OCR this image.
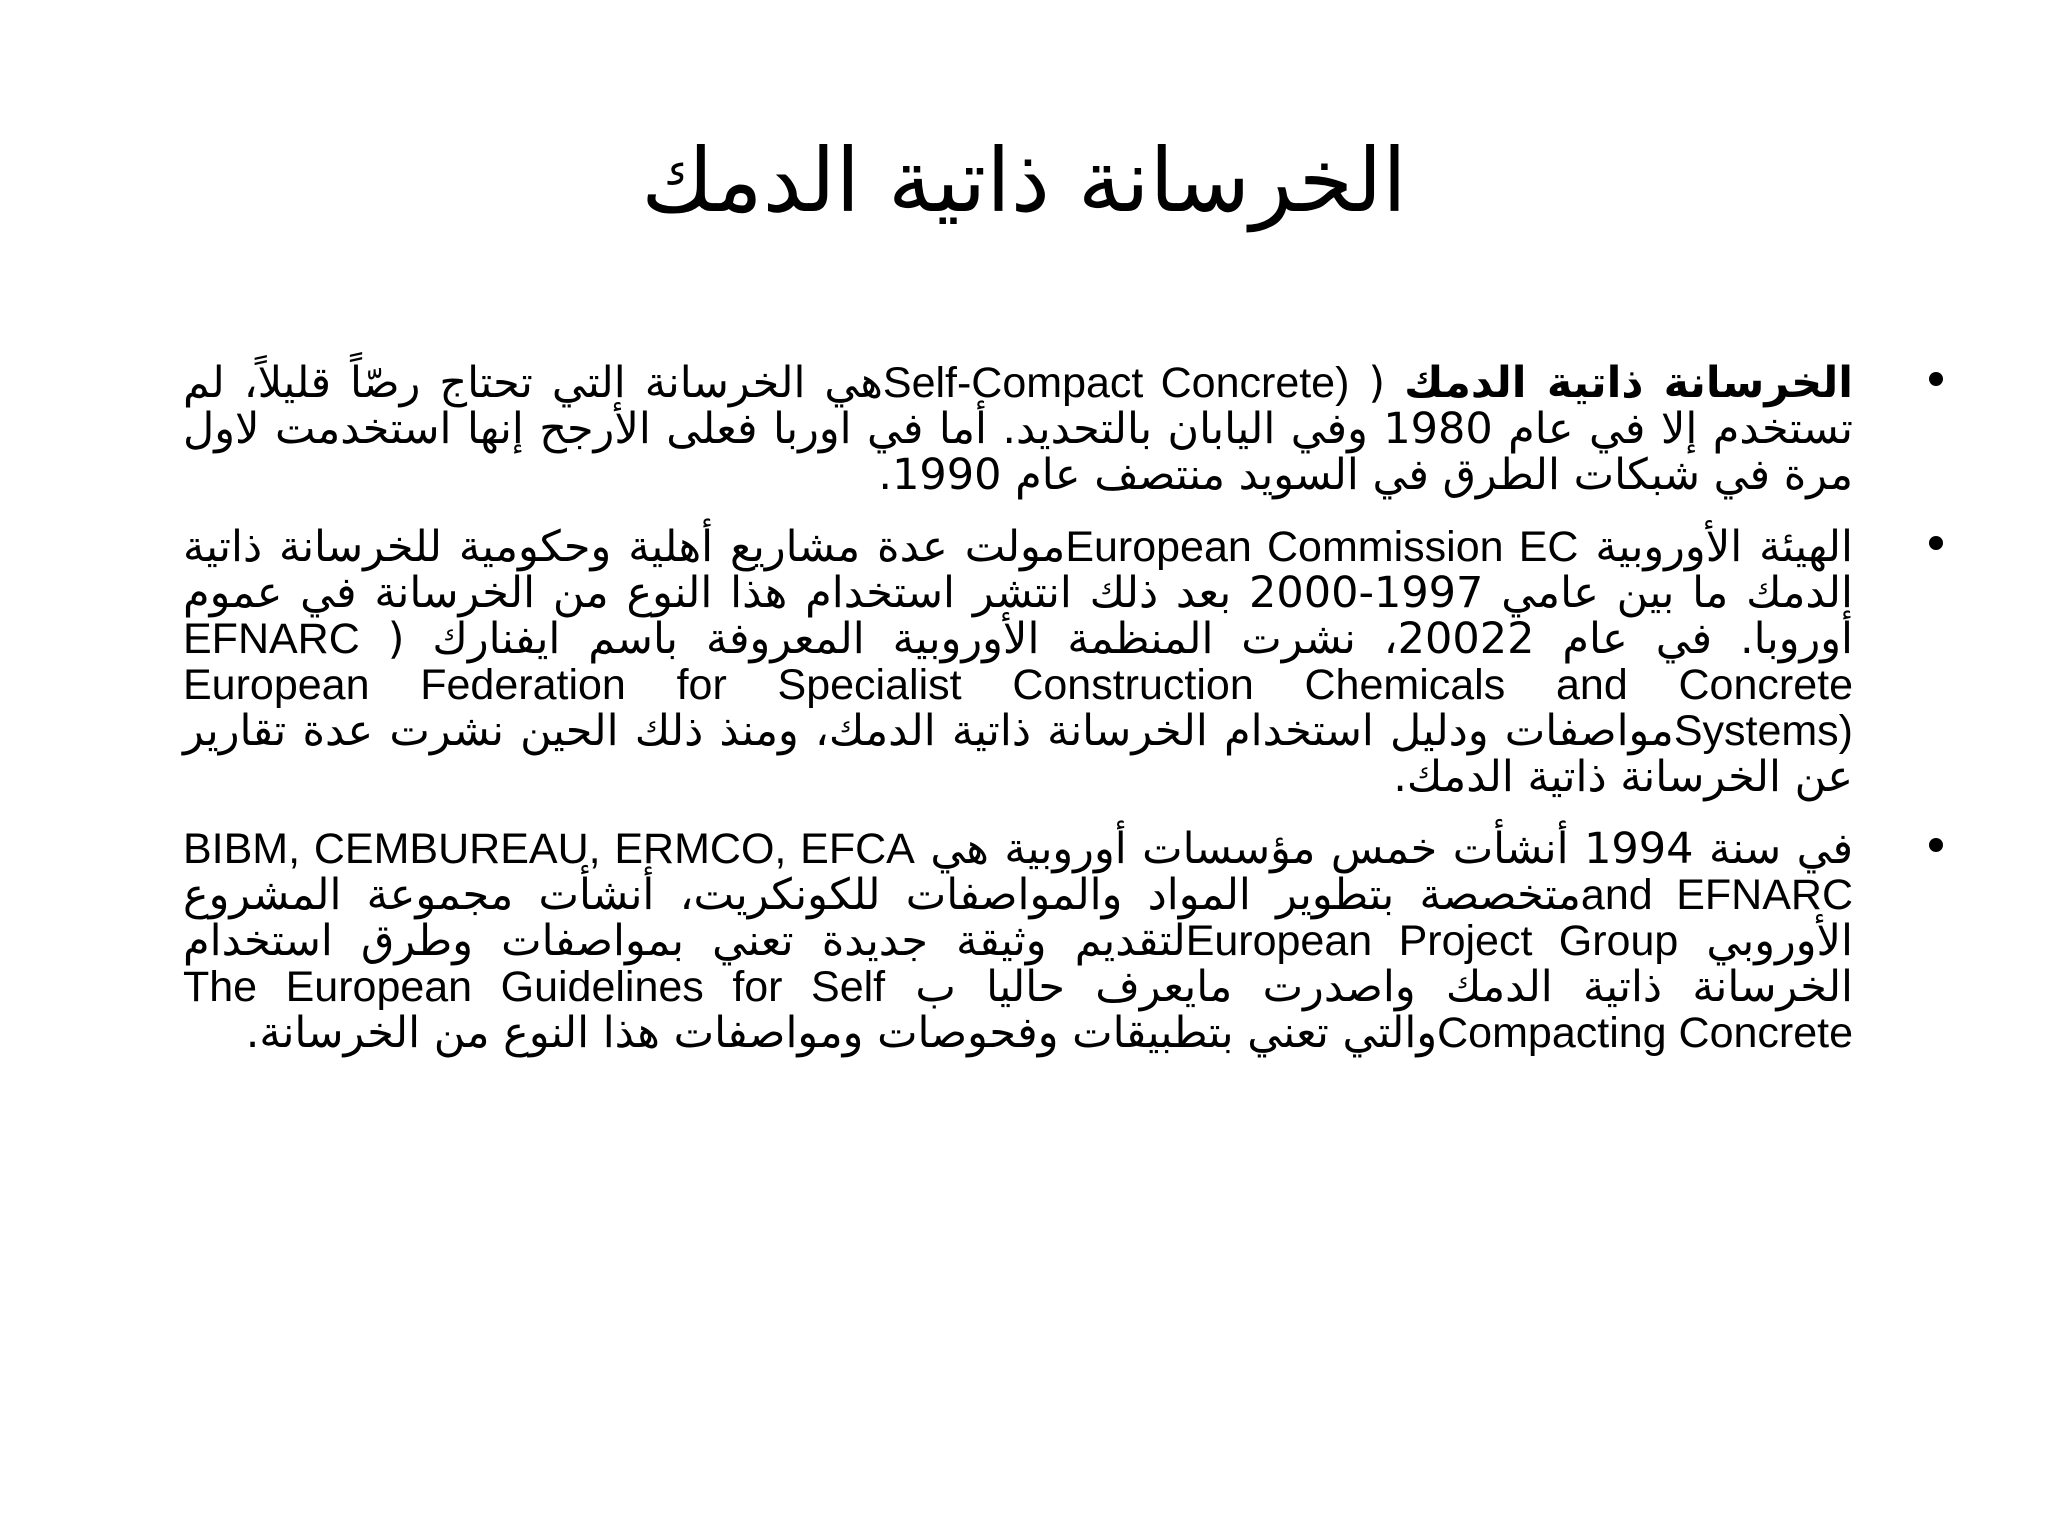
الخرسانة ذاتية الدمك
الخرسانة ذاتية الدمك ( Self-Compact Concrete)هي الخرسانة التي تحتاج رصّاً قليلاً، لم تستخدم إلا في عام 1980 وفي اليابان بالتحديد. أما في اوربا فعلى الأرجح إنها استخدمت لاول مرة في شبكات الطرق في السويد منتصف عام 1990.
الهيئة الأوروبية European Commission ECمولت عدة مشاريع أهلية وحكومية للخرسانة ذاتية الدمك ما بين عامي 1997-2000 بعد ذلك انتشر استخدام هذا النوع من الخرسانة في عموم أوروبا. في عام 20022، نشرت المنظمة الأوروبية المعروفة باسم ايفنارك ( EFNARC European Federation for Specialist Construction Chemicals and Concrete Systems)مواصفات ودليل استخدام الخرسانة ذاتية الدمك، ومنذ ذلك الحين نشرت عدة تقارير عن الخرسانة ذاتية الدمك.
في سنة 1994 أنشأت خمس مؤسسات أوروبية هي BIBM, CEMBUREAU, ERMCO, EFCA and EFNARCمتخصصة بتطوير المواد والمواصفات للكونكريت، أنشأت مجموعة المشروع الأوروبي European Project Groupلتقديم وثيقة جديدة تعني بمواصفات وطرق استخدام الخرسانة ذاتية الدمك واصدرت مايعرف حاليا ب The European Guidelines for Self Compacting Concreteوالتي تعني بتطبيقات وفحوصات ومواصفات هذا النوع من الخرسانة.
